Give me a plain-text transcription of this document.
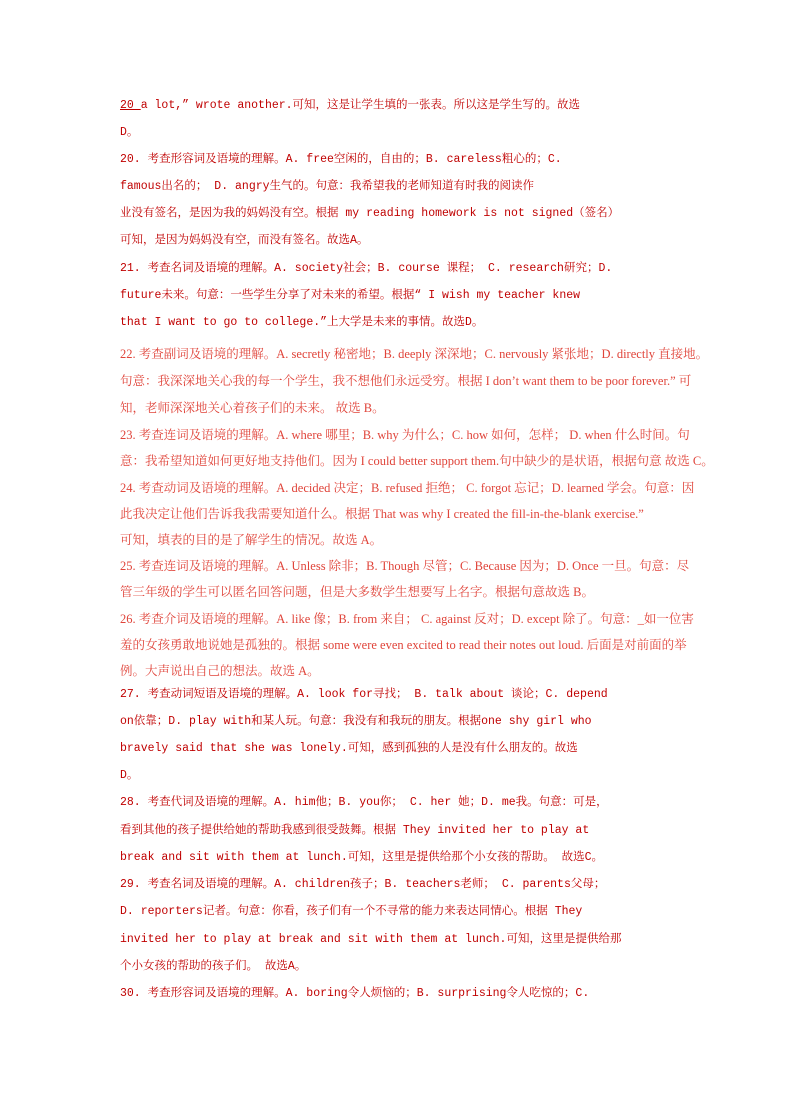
20 a lot,” wrote another.可知，这是让学生填的一张表。所以这是学生写的。故选
D。
20. 考查形容词及语境的理解。A. free空闲的，自由的；B. careless粗心的；C.
famous出名的； D. angry生气的。句意：我希望我的老师知道有时我的阅读作
业没有签名，是因为我的妈妈没有空。根据 my reading homework is not signed（签名）
可知，是因为妈妈没有空，而没有签名。故选A。
21. 考查名词及语境的理解。A. society社会；B. course 课程； C. research研究；D.
future未来。句意：一些学生分享了对未来的希望。根据“ I wish my teacher knew
that I want to go to college.”上大学是未来的事情。故选D。
22. 考查副词及语境的理解。A. secretly 秘密地；B. deeply 深深地；C. nervously 紧张地；D. directly 直接地。
句意：我深深地关心我的每一个学生，我不想他们永远受穷。根据 I don’t want them to be poor forever.” 可
知，老师深深地关心着孩子们的未来。 故选 B。
23. 考查连词及语境的理解。A. where 哪里；B. why 为什么；C. how 如何，怎样； D. when 什么时间。句
意：我希望知道如何更好地支持他们。因为 I could better support them.句中缺少的是状语，根据句意 故选 C。
24. 考查动词及语境的理解。A. decided 决定；B. refused 拒绝； C. forgot 忘记；D. learned 学会。句意：因
此我决定让他们告诉我我需要知道什么。根据 That was why I created the fill-in-the-blank exercise.”
可知，填表的目的是了解学生的情况。故选 A。
25. 考查连词及语境的理解。A. Unless 除非；B. Though 尽管；C. Because 因为；D. Once 一旦。句意：尽
管三年级的学生可以匿名回答问题，但是大多数学生想要写上名字。根据句意故选 B。
26. 考查介词及语境的理解。A. like 像；B. from 来自； C. against 反对；D. except 除了。句意：_如一位害
羞的女孩勇敢地说她是孤独的。根据 some were even excited to read their notes out loud. 后面是对前面的举
例。大声说出自己的想法。故选 A。
27. 考查动词短语及语境的理解。A. look for寻找； B. talk about 谈论；C. depend
on依靠；D. play with和某人玩。句意：我没有和我玩的朋友。根据one shy girl who
bravely said that she was lonely.可知，感到孤独的人是没有什么朋友的。故选
D。
28. 考查代词及语境的理解。A. him他；B. you你； C. her 她；D. me我。句意：可是，
看到其他的孩子提供给她的帮助我感到很受鼓舞。根据 They invited her to play at
break and sit with them at lunch.可知，这里是提供给那个小女孩的帮助。 故选C。
29. 考查名词及语境的理解。A. children孩子；B. teachers老师； C. parents父母；
D. reporters记者。句意：你看，孩子们有一个不寻常的能力来表达同情心。根据 They
invited her to play at break and sit with them at lunch.可知，这里是提供给那
个小女孩的帮助的孩子们。 故选A。
30. 考查形容词及语境的理解。A. boring令人烦恼的；B. surprising令人吃惊的；C.
